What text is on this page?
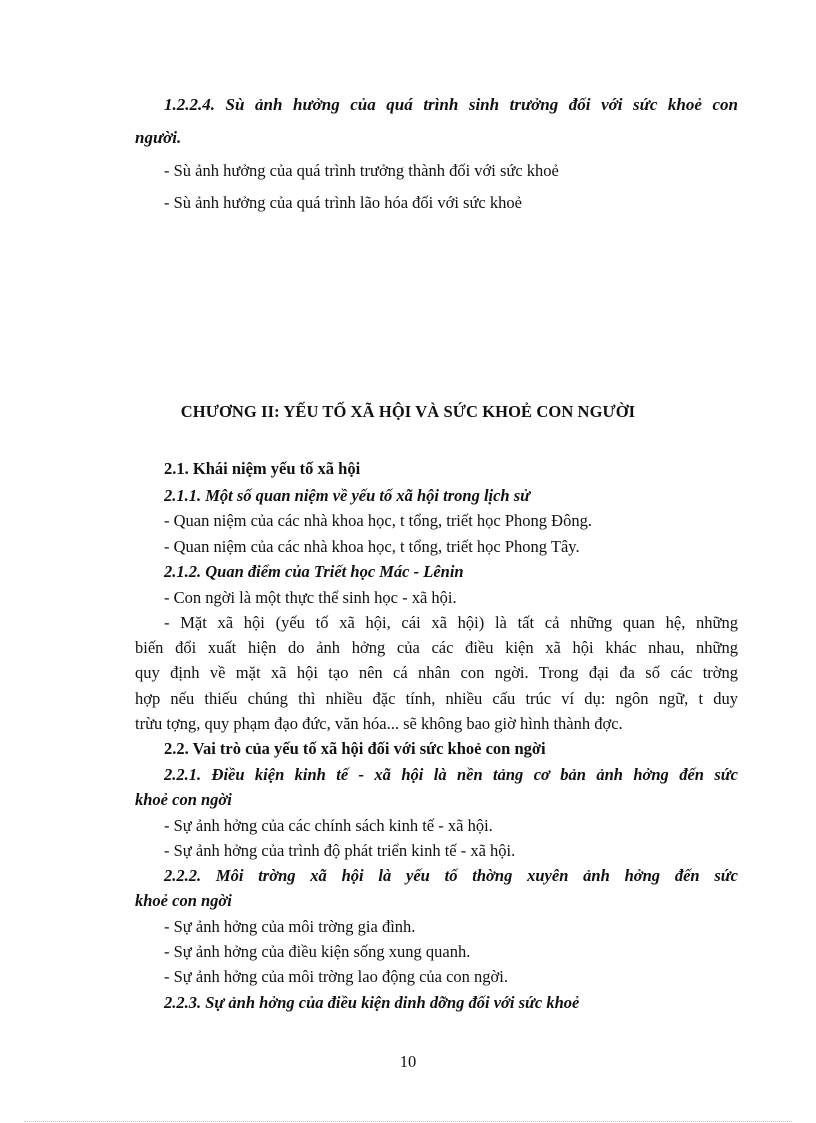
1.2.2.4. Sù ảnh hưởng của quá trình sinh trưởng đối với sức khoẻ con
người.
- Sù ảnh hưởng của quá trình trưởng thành đối với sức khoẻ
- Sù ảnh hưởng của quá trình lão hóa đối với sức khoẻ
CHƯƠNG II: YẾU TỐ XÃ HỘI VÀ SỨC KHOẺ CON NGƯỜI
2.1. Khái niệm yếu tố xã hội
2.1.1. Một số quan niệm về yếu tố xã hội trong lịch sử
- Quan niệm của các nhà khoa học, t tổng, triết học Phong Đông.
- Quan niệm của các nhà khoa học, t tổng, triết học Phong Tây.
2.1.2. Quan điểm của Triết học Mác - Lênin
- Con ngời là một thực thể sinh học - xã hội.
- Mặt xã hội (yếu tố xã hội, cái xã hội) là tất cả những quan hệ, những
biến đổi xuất hiện do ảnh hởng của các điều kiện xã hội khác nhau, những
quy định về mặt xã hội tạo nên cá nhân con ngời. Trong đại đa số các trờng
hợp nếu thiếu chúng thì nhiều đặc tính, nhiều cấu trúc ví dụ: ngôn ngữ, t duy
trừu tợng, quy phạm đạo đức, văn hóa... sẽ không bao giờ hình thành đợc.
2.2. Vai trò của yếu tố xã hội đối với sức khoẻ con ngời
2.2.1. Điều kiện kinh tế - xã hội là nền tảng cơ bản ảnh hởng đến sức
khoẻ con ngời
- Sự ảnh hởng của các chính sách kinh tế - xã hội.
- Sự ảnh hởng của trình độ phát triển kinh tế - xã hội.
2.2.2. Môi trờng xã hội là yếu tố thờng xuyên ảnh hởng đến sức
khoẻ con ngời
- Sự ảnh hởng của môi trờng gia đình.
- Sự ảnh hởng của điều kiện sống xung quanh.
- Sự ảnh hởng của môi trờng lao động của con ngời.
2.2.3. Sự ảnh hởng của điều kiện dinh dỡng đối với sức khoẻ
10
